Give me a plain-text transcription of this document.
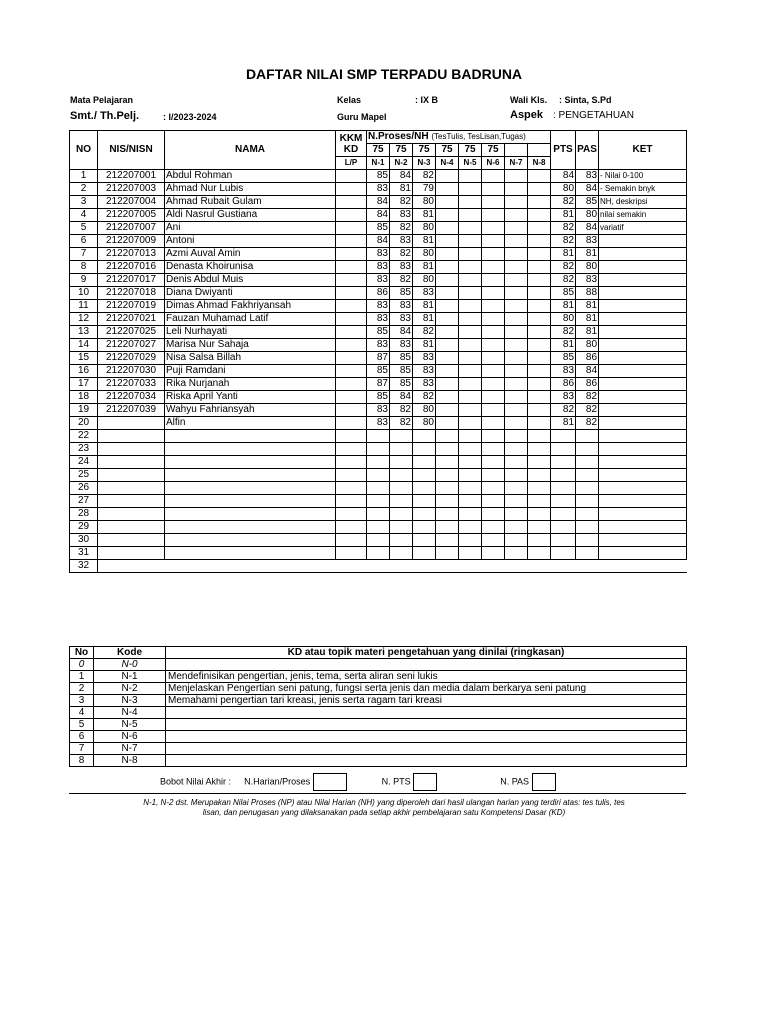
DAFTAR NILAI SMP TERPADU BADRUNA
Mata Pelajaran
Smt./ Th.Pelj.	: I/2023-2024
Kelas	: IX B
Guru Mapel
Wali Kls. : Sinta, S.Pd
Aspek : PENGETAHUAN
NO	NIS/NISN	NAMA	KKM
KD	N.Proses/NH (TesTulis, TesLisan,Tugas)								PTS	PAS	KET
				75	75	75	75	75	75					
			L/P	N-1	N-2	N-3	N-4	N-5	N-6	N-7	N-8			
1	212207001	Abdul Rohman		85	84	82						84	83	- Nilai 0-100
2	212207003	Ahmad Nur Lubis		83	81	79						80	84	- Semakin bnyk
3	212207004	Ahmad Rubait Gulam		84	82	80						82	85	NH, deskripsi
4	212207005	Aldi Nasrul Gustiana		84	83	81						81	80	nilai semakin
5	212207007	Ani		85	82	80						82	84	variatif
6	212207009	Antoni		84	83	81						82	83	
7	212207013	Azmi Auval Amin		83	82	80						81	81	
8	212207016	Denasta Khoirunisa		83	83	81						82	80	
9	212207017	Denis Abdul Muis		83	82	80						82	83	
10	212207018	Diana Dwiyanti		86	85	83						85	88	
11	212207019	Dimas Ahmad Fakhriyansah		83	83	81						81	81	
12	212207021	Fauzan Muhamad Latif		83	83	81						80	81	
13	212207025	Leli Nurhayati		85	84	82						82	81	
14	212207027	Marisa Nur Sahaja		83	83	81						81	80	
15	212207029	Nisa Salsa Billah		87	85	83						85	86	
16	212207030	Puji Ramdani		85	85	83						83	84	
17	212207033	Rika Nurjanah		87	85	83						86	86	
18	212207034	Riska April Yanti		85	84	82						83	82	
19	212207039	Wahyu Fahriansyah		83	82	80						82	82	
20		Alfin		83	82	80						81	82	
22														
23														
24														
25														
26														
27														
28														
29														
30														
31														
32														
No	Kode	KD atau topik materi pengetahuan yang dinilai (ringkasan)
0	N-0	
1	N-1	Mendefinisikan pengertian, jenis, tema, serta aliran seni lukis
2	N-2	Menjelaskan Pengertian seni patung, fungsi serta jenis dan media dalam berkarya seni patung
3	N-3	Memahami pengertian tari kreasi, jenis serta ragam tari kreasi
4	N-4	
5	N-5	
6	N-6	
7	N-7	
8	N-8	
Bobot Nilai Akhir : N.Harian/Proses	N. PTS	N. PAS
N-1, N-2 dst. Merupakan Nilai Proses (NP) atau Nilai Harian (NH) yang diperoleh dari hasil ulangan harian yang terdiri atas: tes tulis, tes
lisan, dan penugasan yang dilaksanakan pada setiap akhir pembelajaran satu Kompetensi Dasar (KD)
